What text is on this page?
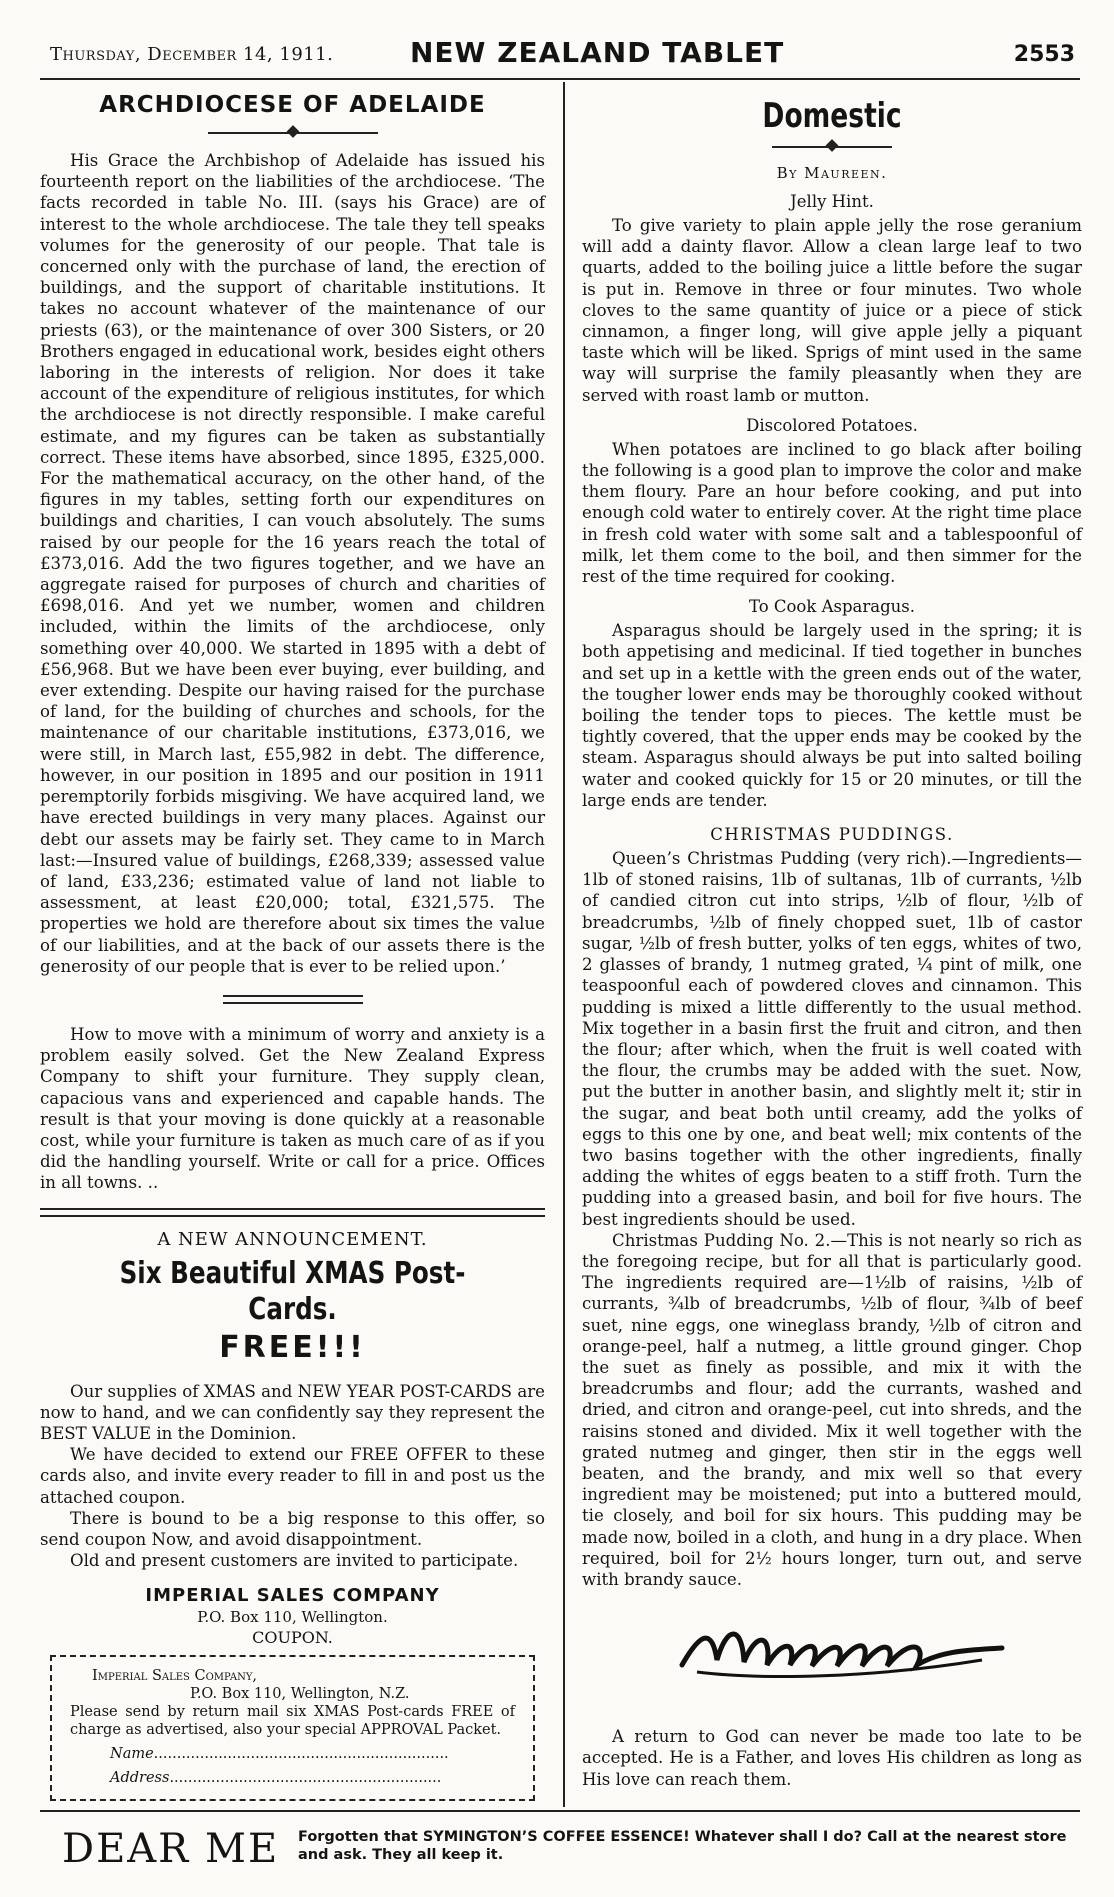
Thursday, December 14, 1911.	NEW ZEALAND TABLET	2553
ARCHDIOCESE OF ADELAIDE

His Grace the Archbishop of Adelaide has issued his fourteenth report on the liabilities of the archdiocese. ‘The facts recorded in table No. III. (says his Grace) are of interest to the whole archdiocese. The tale they tell speaks volumes for the generosity of our people. That tale is concerned only with the purchase of land, the erection of buildings, and the support of charitable institutions. It takes no account whatever of the maintenance of our priests (63), or the maintenance of over 300 Sisters, or 20 Brothers engaged in educational work, besides eight others laboring in the interests of religion. Nor does it take account of the expenditure of religious institutes, for which the archdiocese is not directly responsible. I make careful estimate, and my figures can be taken as substantially correct. These items have absorbed, since 1895, £325,000. For the mathematical accuracy, on the other hand, of the figures in my tables, setting forth our expenditures on buildings and charities, I can vouch absolutely. The sums raised by our people for the 16 years reach the total of £373,016. Add the two figures together, and we have an aggregate raised for purposes of church and charities of £698,016. And yet we number, women and children included, within the limits of the archdiocese, only something over 40,000. We started in 1895 with a debt of £56,968. But we have been ever buying, ever building, and ever extending. Despite our having raised for the purchase of land, for the building of churches and schools, for the maintenance of our charitable institutions, £373,016, we were still, in March last, £55,982 in debt. The difference, however, in our position in 1895 and our position in 1911 peremptorily forbids misgiving. We have acquired land, we have erected buildings in very many places. Against our debt our assets may be fairly set. They came to in March last:—Insured value of buildings, £268,339; assessed value of land, £33,236; estimated value of land not liable to assessment, at least £20,000; total, £321,575. The properties we hold are therefore about six times the value of our liabilities, and at the back of our assets there is the generosity of our people that is ever to be relied upon.’

How to move with a minimum of worry and anxiety is a problem easily solved. Get the New Zealand Express Company to shift your furniture. They supply clean, capacious vans and experienced and capable hands. The result is that your moving is done quickly at a reasonable cost, while your furniture is taken as much care of as if you did the handling yourself. Write or call for a price. Offices in all towns. ..

A NEW ANNOUNCEMENT.
Six Beautiful XMAS Post-Cards.
FREE!!!

Our supplies of XMAS and NEW YEAR POST-CARDS are now to hand, and we can confidently say they represent the BEST VALUE in the Dominion.

We have decided to extend our FREE OFFER to these cards also, and invite every reader to fill in and post us the attached coupon.

There is bound to be a big response to this offer, so send coupon Now, and avoid disappointment.

Old and present customers are invited to participate.

IMPERIAL SALES COMPANY
P.O. Box 110, Wellington.
COUPON.
Imperial Sales Company,
P.O. Box 110, Wellington, N.Z.
Please send by return mail six XMAS Post-cards FREE of charge as advertised, also your special APPROVAL Packet.
Name................................................................
Address...........................................................
Domestic
By Maureen.
Jelly Hint.

To give variety to plain apple jelly the rose geranium will add a dainty flavor. Allow a clean large leaf to two quarts, added to the boiling juice a little before the sugar is put in. Remove in three or four minutes. Two whole cloves to the same quantity of juice or a piece of stick cinnamon, a finger long, will give apple jelly a piquant taste which will be liked. Sprigs of mint used in the same way will surprise the family pleasantly when they are served with roast lamb or mutton.

Discolored Potatoes.

When potatoes are inclined to go black after boiling the following is a good plan to improve the color and make them floury. Pare an hour before cooking, and put into enough cold water to entirely cover. At the right time place in fresh cold water with some salt and a tablespoonful of milk, let them come to the boil, and then simmer for the rest of the time required for cooking.

To Cook Asparagus.

Asparagus should be largely used in the spring; it is both appetising and medicinal. If tied together in bunches and set up in a kettle with the green ends out of the water, the tougher lower ends may be thoroughly cooked without boiling the tender tops to pieces. The kettle must be tightly covered, that the upper ends may be cooked by the steam. Asparagus should always be put into salted boiling water and cooked quickly for 15 or 20 minutes, or till the large ends are tender.

CHRISTMAS PUDDINGS.

Queen’s Christmas Pudding (very rich).—Ingredients—1lb of stoned raisins, 1lb of sultanas, 1lb of currants, ½lb of candied citron cut into strips, ½lb of flour, ½lb of breadcrumbs, ½lb of finely chopped suet, 1lb of castor sugar, ½lb of fresh butter, yolks of ten eggs, whites of two, 2 glasses of brandy, 1 nutmeg grated, ¼ pint of milk, one teaspoonful each of powdered cloves and cinnamon. This pudding is mixed a little differently to the usual method. Mix together in a basin first the fruit and citron, and then the flour; after which, when the fruit is well coated with the flour, the crumbs may be added with the suet. Now, put the butter in another basin, and slightly melt it; stir in the sugar, and beat both until creamy, add the yolks of eggs to this one by one, and beat well; mix contents of the two basins together with the other ingredients, finally adding the whites of eggs beaten to a stiff froth. Turn the pudding into a greased basin, and boil for five hours. The best ingredients should be used.

Christmas Pudding No. 2.—This is not nearly so rich as the foregoing recipe, but for all that is particularly good. The ingredients required are—1½lb of raisins, ½lb of currants, ¾lb of breadcrumbs, ½lb of flour, ¾lb of beef suet, nine eggs, one wineglass brandy, ½lb of citron and orange-peel, half a nutmeg, a little ground ginger. Chop the suet as finely as possible, and mix it with the breadcrumbs and flour; add the currants, washed and dried, and citron and orange-peel, cut into shreds, and the raisins stoned and divided. Mix it well together with the grated nutmeg and ginger, then stir in the eggs well beaten, and the brandy, and mix well so that every ingredient may be moistened; put into a buttered mould, tie closely, and boil for six hours. This pudding may be made now, boiled in a cloth, and hung in a dry place. When required, boil for 2½ hours longer, turn out, and serve with brandy sauce.

A return to God can never be made too late to be accepted. He is a Father, and loves His children as long as His love can reach them.

DEAR ME Forgotten that SYMINGTON’S COFFEE ESSENCE! Whatever shall I do? Call at the nearest store and ask. They all keep it.
